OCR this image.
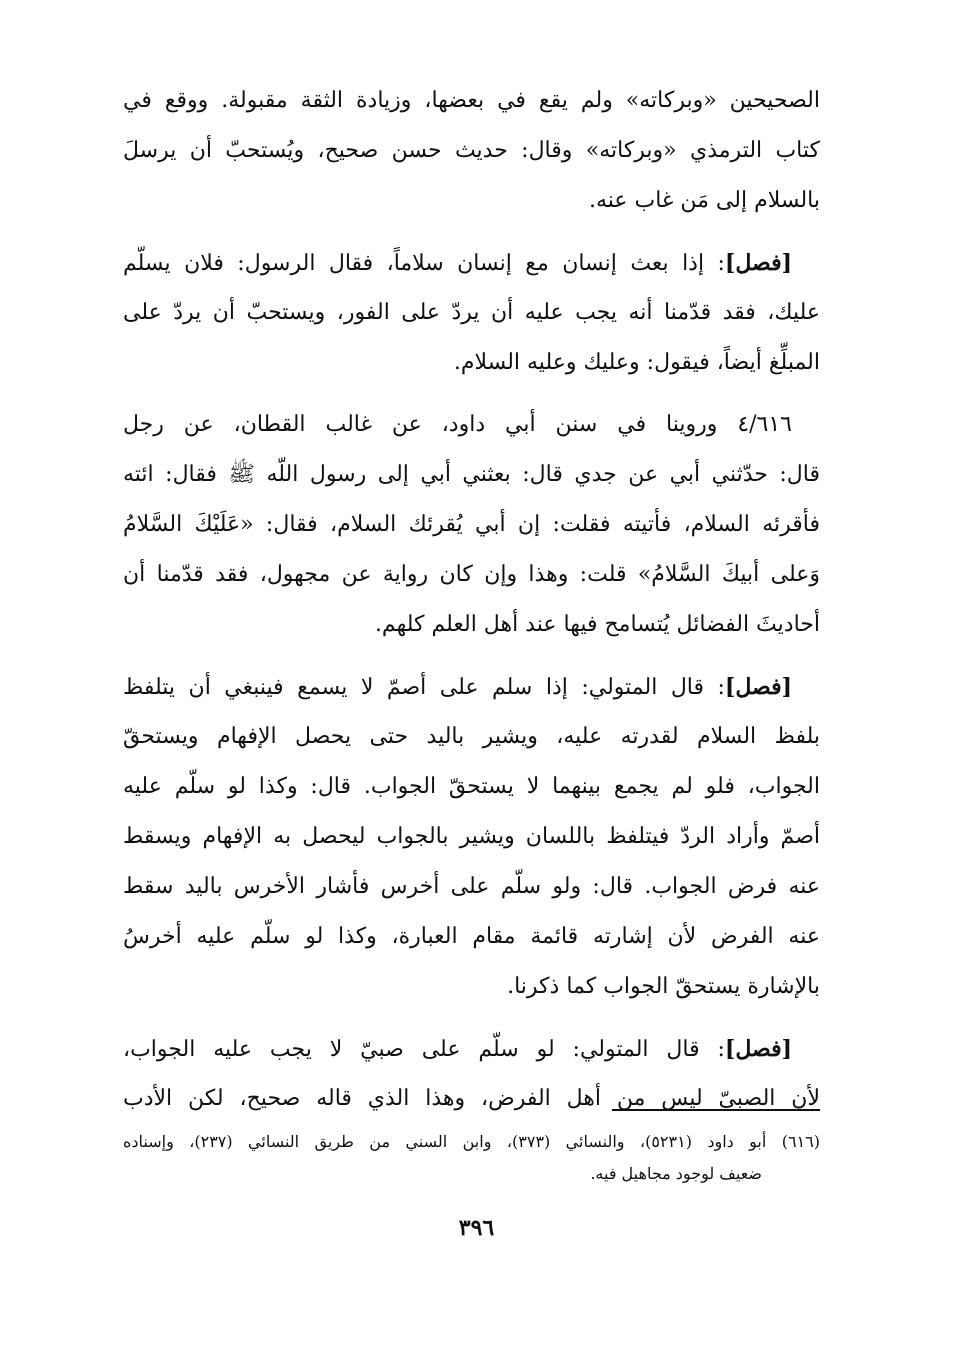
الصحيحين «وبركاته» ولم يقع في بعضها، وزيادة الثقة مقبولة. ووقع في
كتاب الترمذي «وبركاته» وقال: حديث حسن صحيح، ويُستحبّ أن يرسلَ
بالسلام إلى مَن غاب عنه.
[فصل]: إذا بعث إنسان مع إنسان سلاماً، فقال الرسول: فلان يسلّم
عليك، فقد قدّمنا أنه يجب عليه أن يردّ على الفور، ويستحبّ أن يردّ على
المبلِّغ أيضاً، فيقول: وعليك وعليه السلام.
٤/٦١٦ وروينا في سنن أبي داود، عن غالب القطان، عن رجل
قال: حدّثني أبي عن جدي قال: بعثني أبي إلى رسول اللّه ﷺ فقال: ائته
فأقرئه السلام، فأتيته فقلت: إن أبي يُقرئك السلام، فقال: «عَلَيْكَ السَّلامُ
وَعلى أبيكَ السَّلامُ» قلت: وهذا وإن كان رواية عن مجهول، فقد قدّمنا أن
أحاديثَ الفضائل يُتسامح فيها عند أهل العلم كلهم.
[فصل]: قال المتولي: إذا سلم على أصمّ لا يسمع فينبغي أن يتلفظ
بلفظ السلام لقدرته عليه، ويشير باليد حتى يحصل الإفهام ويستحقّ
الجواب، فلو لم يجمع بينهما لا يستحقّ الجواب. قال: وكذا لو سلّم عليه
أصمّ وأراد الردّ فيتلفظ باللسان ويشير بالجواب ليحصل به الإفهام ويسقط
عنه فرض الجواب. قال: ولو سلّم على أخرس فأشار الأخرس باليد سقط
عنه الفرض لأن إشارته قائمة مقام العبارة، وكذا لو سلّم عليه أخرسُ
بالإشارة يستحقّ الجواب كما ذكرنا.
[فصل]: قال المتولي: لو سلّم على صبيّ لا يجب عليه الجواب،
لأن الصبيّ ليس من أهل الفرض، وهذا الذي قاله صحيح، لكن الأدب
(٦١٦) أبو داود (٥٢٣١)، والنسائي (٣٧٣)، وابن السني من طريق النسائي (٢٣٧)، وإسناده
ضعيف لوجود مجاهيل فيه.
٣٩٦
